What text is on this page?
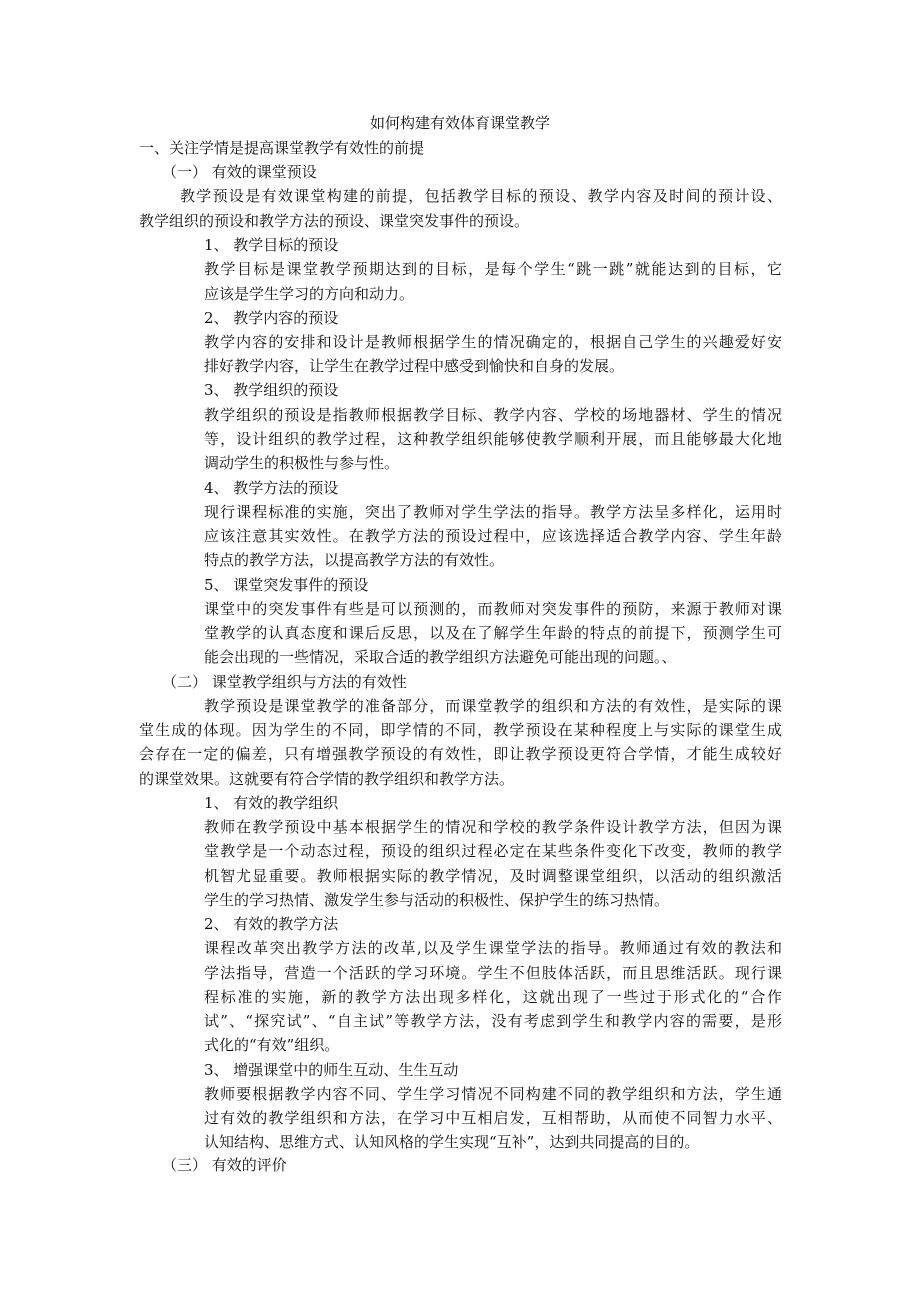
如何构建有效体育课堂教学
一、关注学情是提高课堂教学有效性的前提
（一） 有效的课堂预设
教学预设是有效课堂构建的前提，包括教学目标的预设、教学内容及时间的预计设、
教学组织的预设和教学方法的预设、课堂突发事件的预设。
1、 教学目标的预设
教学目标是课堂教学预期达到的目标，是每个学生“跳一跳”就能达到的目标，它
应该是学生学习的方向和动力。
2、 教学内容的预设
教学内容的安排和设计是教师根据学生的情况确定的，根据自己学生的兴趣爱好安
排好教学内容，让学生在教学过程中感受到愉快和自身的发展。
3、 教学组织的预设
教学组织的预设是指教师根据教学目标、教学内容、学校的场地器材、学生的情况
等，设计组织的教学过程，这种教学组织能够使教学顺利开展，而且能够最大化地
调动学生的积极性与参与性。
4、 教学方法的预设
现行课程标准的实施，突出了教师对学生学法的指导。教学方法呈多样化，运用时
应该注意其实效性。在教学方法的预设过程中，应该选择适合教学内容、学生年龄
特点的教学方法，以提高教学方法的有效性。
5、 课堂突发事件的预设
课堂中的突发事件有些是可以预测的，而教师对突发事件的预防，来源于教师对课
堂教学的认真态度和课后反思，以及在了解学生年龄的特点的前提下，预测学生可
能会出现的一些情况，采取合适的教学组织方法避免可能出现的问题。、
（二） 课堂教学组织与方法的有效性
教学预设是课堂教学的准备部分，而课堂教学的组织和方法的有效性，是实际的课
堂生成的体现。因为学生的不同，即学情的不同，教学预设在某种程度上与实际的课堂生成
会存在一定的偏差，只有增强教学预设的有效性，即让教学预设更符合学情，才能生成较好
的课堂效果。这就要有符合学情的教学组织和教学方法。
1、 有效的教学组织
教师在教学预设中基本根据学生的情况和学校的教学条件设计教学方法，但因为课
堂教学是一个动态过程，预设的组织过程必定在某些条件变化下改变，教师的教学
机智尤显重要。教师根据实际的教学情况，及时调整课堂组织，以活动的组织激活
学生的学习热情、激发学生参与活动的积极性、保护学生的练习热情。
2、 有效的教学方法
课程改革突出教学方法的改革,以及学生课堂学法的指导。教师通过有效的教法和
学法指导，营造一个活跃的学习环境。学生不但肢体活跃，而且思维活跃。现行课
程标准的实施，新的教学方法出现多样化，这就出现了一些过于形式化的“合作
试”、“探究试”、“自主试”等教学方法，没有考虑到学生和教学内容的需要，是形
式化的“有效”组织。
3、 增强课堂中的师生互动、生生互动
教师要根据教学内容不同、学生学习情况不同构建不同的教学组织和方法，学生通
过有效的教学组织和方法，在学习中互相启发，互相帮助，从而使不同智力水平、
认知结构、思维方式、认知风格的学生实现“互补”，达到共同提高的目的。
（三） 有效的评价
